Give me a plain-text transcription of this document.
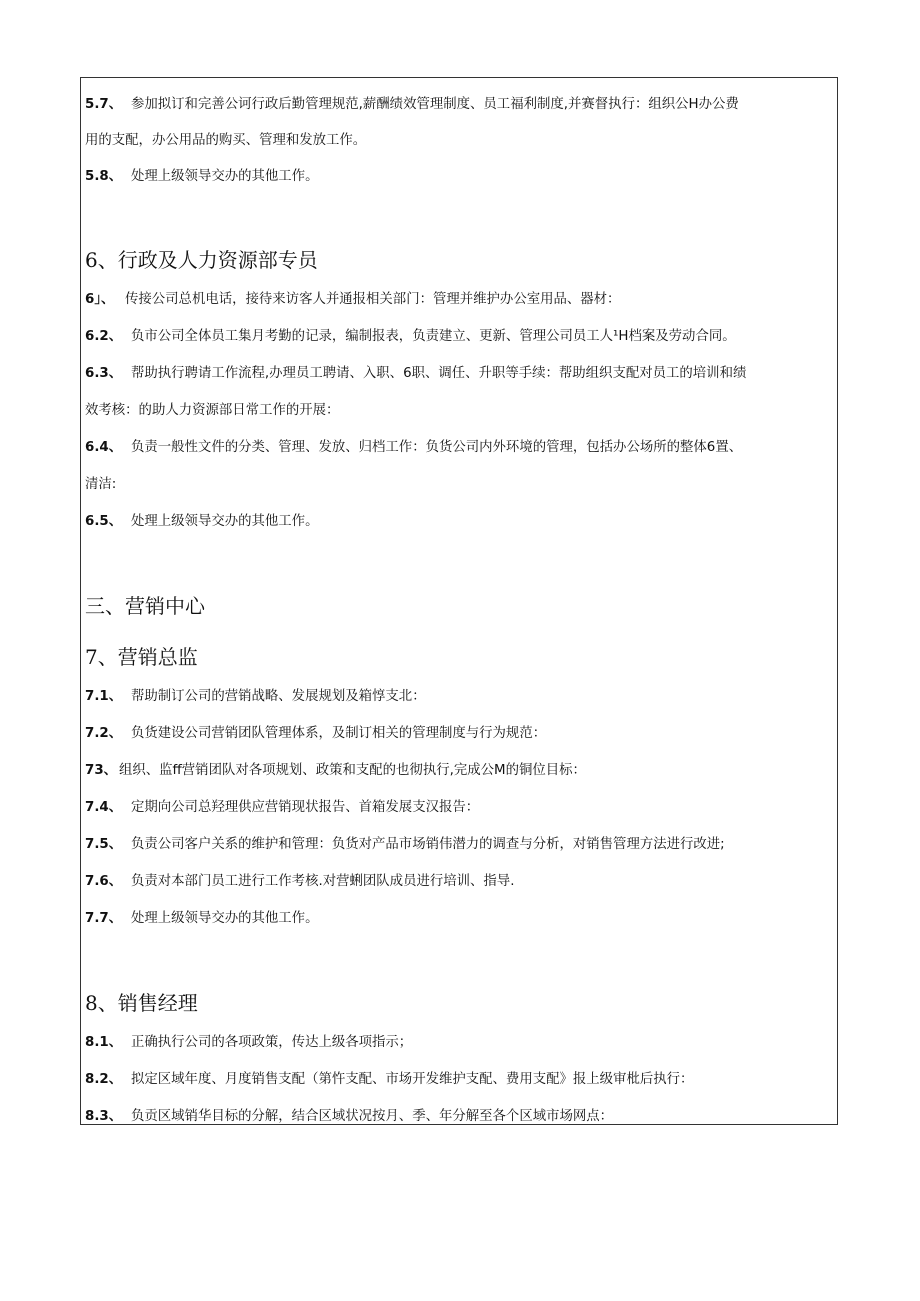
5.7、 参加拟订和完善公诃行政后勤管理规范,薪酬绩效管理制度、员工福利制度,并赛督执行：组织公H办公费
用的支配，办公用品的购买、管理和发放工作。
5.8、 处理上级领导交办的其他工作。
6、行政及人力资源部专员
6」、 传接公司总机电话，接待来访客人并通报相关部门：管理并维护办公室用品、器材：
6.2、 负市公司全体员工集月考勤的记录，编制报表，负责建立、更新、管理公司员工人¹H档案及劳动合同。
6.3、 帮助执行聘请工作流程,办理员工聘请、入职、6职、调任、升职等手续：帮助组织支配对员工的培训和绩
效考核：的助人力资源部日常工作的开展：
6.4、 负责一般性文件的分类、管理、发放、归档工作：负货公司内外环境的管理，包括办公场所的整体6置、
清洁:
6.5、 处理上级领导交办的其他工作。
三、营销中心
7、营销总监
7.1、 帮助制订公司的营销战略、发展规划及箱惇支北：
7.2、 负货建设公司营销团队管理体系，及制订相关的管理制度与行为规范：
73、 组织、监ff营销团队对各项规划、政策和支配的也彻执行,完成公M的铜位目标：
7.4、 定期向公司总羟理供应营销现状报告、首箱发展支汉报告：
7.5、 负责公司客户关系的维护和管理：负货对产品市场销伟潜力的调查与分析，对销售管理方法进行改进;
7.6、 负责对本部门员工进行工作考核.对营蜊团队成员进行培训、指导.
7.7、 处理上级领导交办的其他工作。
8、销售经理
8.1、 正确执行公司的各项政策，传达上级各项指示；
8.2、 拟定区域年度、月度销售支配（第忤支配、市场开发维护支配、费用支配》报上级审枇后执行：
8.3、 负贡区域销华目标的分解，结合区域状况按月、季、年分解至各个区域市场网点：
